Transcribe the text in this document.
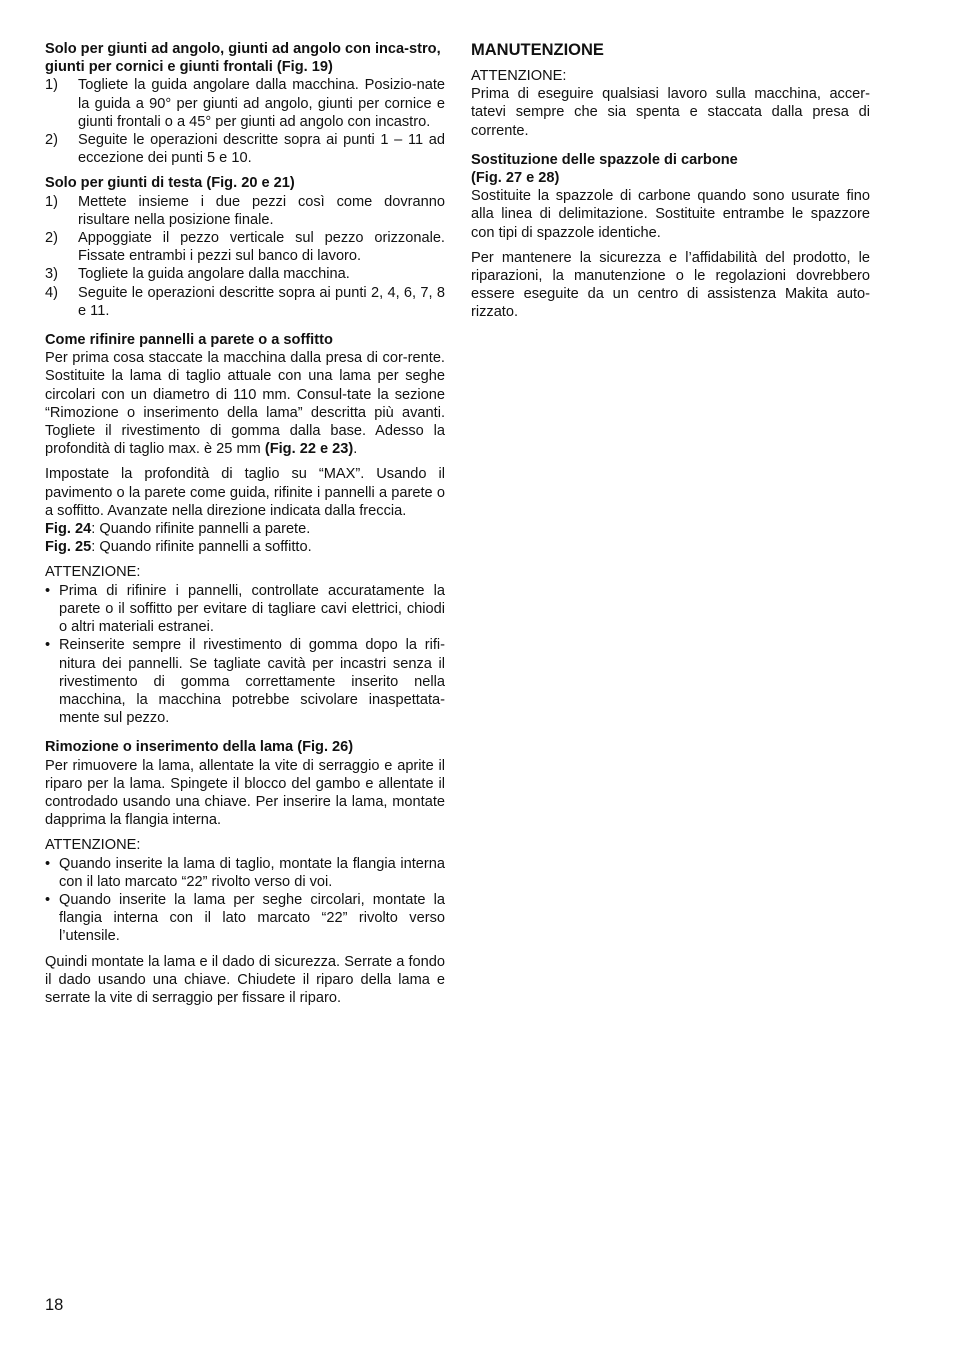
Solo per giunti ad angolo, giunti ad angolo con inca-stro, giunti per cornici e giunti frontali (Fig. 19)

1)	Togliete la guida angolare dalla macchina. Posizio-nate la guida a 90° per giunti ad angolo, giunti per cornice e giunti frontali o a 45° per giunti ad angolo con incastro.
2)	Seguite le operazioni descritte sopra ai punti 1 – 11 ad eccezione dei punti 5 e 10.

Solo per giunti di testa (Fig. 20 e 21)

1)	Mettete insieme i due pezzi così come dovranno risultare nella posizione finale.
2)	Appoggiate il pezzo verticale sul pezzo orizzonale. Fissate entrambi i pezzi sul banco di lavoro.
3)	Togliete la guida angolare dalla macchina.
4)	Seguite le operazioni descritte sopra ai punti 2, 4, 6, 7, 8 e 11.

Come rifinire pannelli a parete o a soffitto

Per prima cosa staccate la macchina dalla presa di cor-rente. Sostituite la lama di taglio attuale con una lama per seghe circolari con un diametro di 110 mm. Consul-tate la sezione “Rimozione o inserimento della lama” descritta più avanti. Togliete il rivestimento di gomma dalla base. Adesso la profondità di taglio max. è 25 mm (Fig. 22 e 23).

Impostate la profondità di taglio su “MAX”. Usando il pavimento o la parete come guida, rifinite i pannelli a parete o a soffitto. Avanzate nella direzione indicata dalla freccia.

Fig. 24: Quando rifinite pannelli a parete.

Fig. 25: Quando rifinite pannelli a soffitto.

ATTENZIONE:

• Prima di rifinire i pannelli, controllate accuratamente la parete o il soffitto per evitare di tagliare cavi elettrici, chiodi o altri materiali estranei.
• Reinserite sempre il rivestimento di gomma dopo la rifi-nitura dei pannelli. Se tagliate cavità per incastri senza il rivestimento di gomma correttamente inserito nella macchina, la macchina potrebbe scivolare inaspettata-mente sul pezzo.

Rimozione o inserimento della lama (Fig. 26)

Per rimuovere la lama, allentate la vite di serraggio e aprite il riparo per la lama. Spingete il blocco del gambo e allentate il controdado usando una chiave. Per inserire la lama, montate dapprima la flangia interna.

ATTENZIONE:

• Quando inserite la lama di taglio, montate la flangia interna con il lato marcato “22” rivolto verso di voi.
• Quando inserite la lama per seghe circolari, montate la flangia interna con il lato marcato “22” rivolto verso l’utensile.

Quindi montate la lama e il dado di sicurezza. Serrate a fondo il dado usando una chiave. Chiudete il riparo della lama e serrate la vite di serraggio per fissare il riparo.

MANUTENZIONE

ATTENZIONE:

Prima di eseguire qualsiasi lavoro sulla macchina, accer-tatevi sempre che sia spenta e staccata dalla presa di corrente.

Sostituzione delle spazzole di carbone

(Fig. 27 e 28)

Sostituite la spazzole di carbone quando sono usurate fino alla linea di delimitazione. Sostituite entrambe le spazzore con tipi di spazzole identiche.

Per mantenere la sicurezza e l’affidabilità del prodotto, le riparazioni, la manutenzione o le regolazioni dovrebbero essere eseguite da un centro di assistenza Makita auto-rizzato.

18
